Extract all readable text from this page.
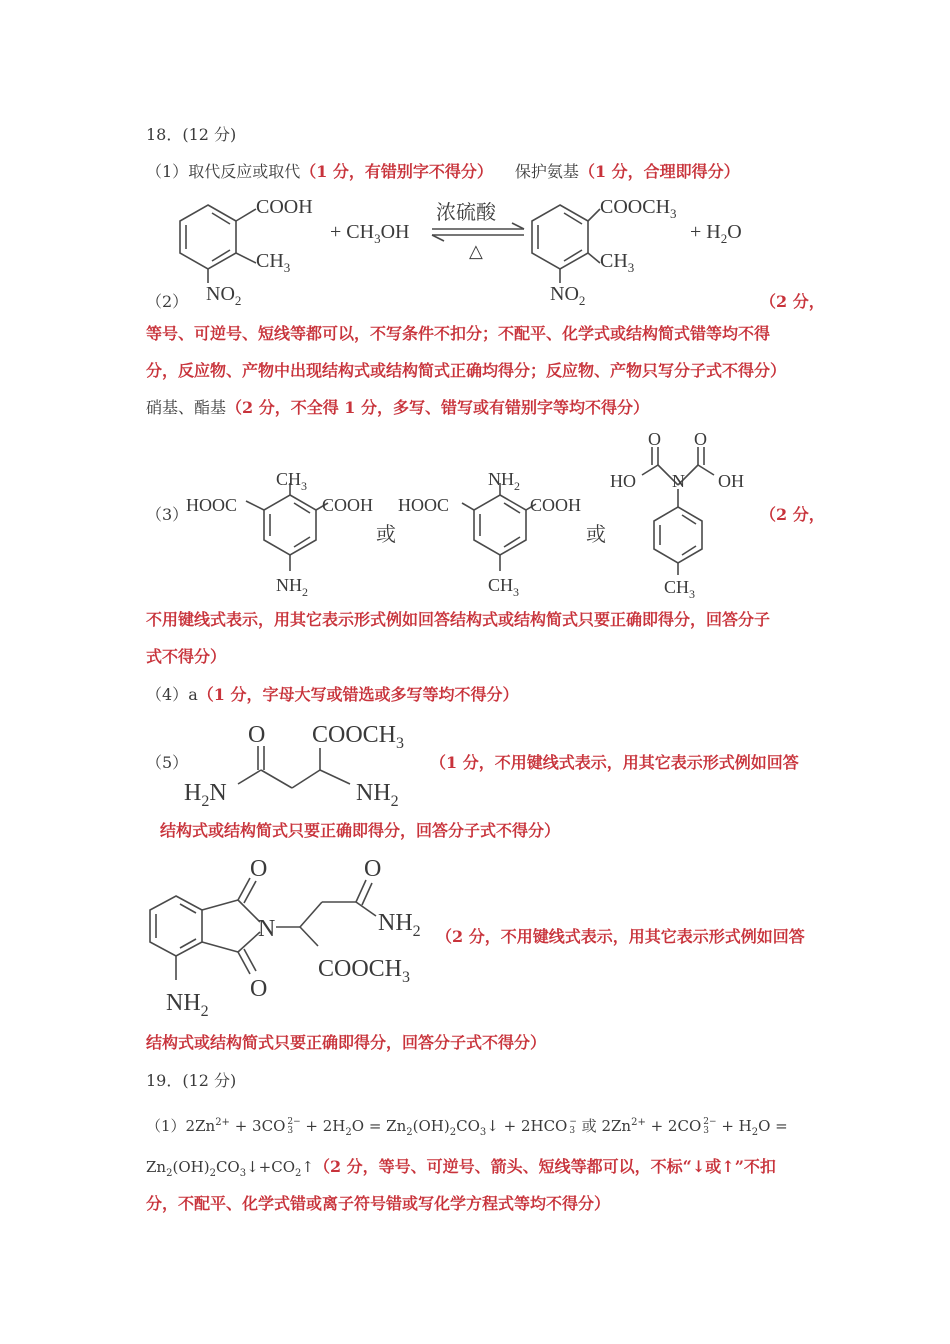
18．(12 分)
（1）取代反应或取代（1 分，有错别字不得分） 保护氨基（1 分，合理即得分）
COOH
$CH_3$
$NO_2$
+ $CH_3OH$
浓硫酸
△
$COOCH_3$
$CH_3$
$NO_2$
+ $H_2O$
（2）	（2 分，
等号、可逆号、短线等都可以，不写条件不扣分；不配平、化学式或结构简式错等均不得
分，反应物、产物中出现结构式或结构简式正确均得分；反应物、产物只写分子式不得分）
硝基、酯基（2 分，不全得 1 分，多写、错写或有错别字等均不得分）
（3）
$CH_3$
HOOC	COOH
$NH_2$
或
$NH_2$
HOOC	COOH
$CH_3$
或
O O
HO	OH
N
$CH_3$
（2 分，
不用键线式表示，用其它表示形式例如回答结构式或结构简式只要正确即得分，回答分子
式不得分）
（4）a（1 分，字母大写或错选或多写等均不得分）
（5）
O $COOCH_3$
$H_2N$	$NH_2$
（1 分，不用键线式表示，用其它表示形式例如回答
结构式或结构简式只要正确即得分，回答分子式不得分）
O
O
N
O
$NH_2$
$COOCH_3$
$NH_2$
（2 分，不用键线式表示，用其它表示形式例如回答
结构式或结构简式只要正确即得分，回答分子式不得分）
19．(12 分)
$(1)2Zn^{2+} + 3CO$ 2−
$3 + 2H_2O$ = $Zn_2(OH)_2CO_3↓ + 2HCO$ −
3 或 $2Zn^{2+} + 2CO$ 2−
$3 + H_2O$ =
$Zn_2(OH)_2CO_3↓+CO_2↑(2$ 分，等号、可逆号、箭头、短线等都可以，不标“↓或↑”不扣
分，不配平、化学式错或离子符号错或写化学方程式等均不得分）
